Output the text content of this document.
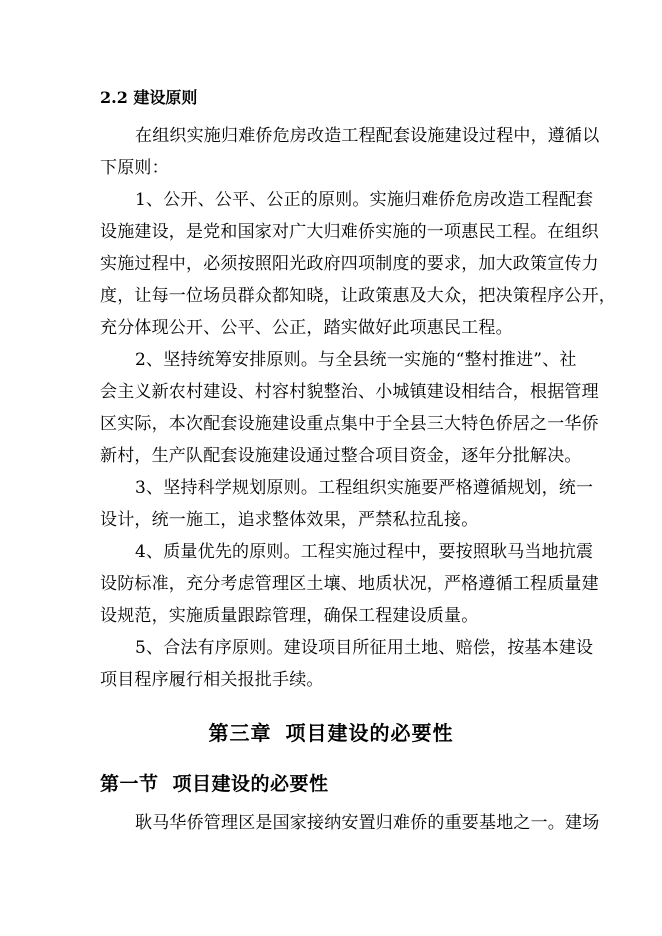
2.2 建设原则
在组织实施归难侨危房改造工程配套设施建设过程中，遵循以
下原则：
1、公开、公平、公正的原则。实施归难侨危房改造工程配套
设施建设，是党和国家对广大归难侨实施的一项惠民工程。在组织
实施过程中，必须按照阳光政府四项制度的要求，加大政策宣传力
度，让每一位场员群众都知晓，让政策惠及大众，把决策程序公开，
充分体现公开、公平、公正，踏实做好此项惠民工程。
2、坚持统筹安排原则。与全县统一实施的“整村推进”、社
会主义新农村建设、村容村貌整治、小城镇建设相结合，根据管理
区实际，本次配套设施建设重点集中于全县三大特色侨居之一华侨
新村，生产队配套设施建设通过整合项目资金，逐年分批解决。
3、坚持科学规划原则。工程组织实施要严格遵循规划，统一
设计，统一施工，追求整体效果，严禁私拉乱接。
4、质量优先的原则。工程实施过程中，要按照耿马当地抗震
设防标准，充分考虑管理区土壤、地质状况，严格遵循工程质量建
设规范，实施质量跟踪管理，确保工程建设质量。
5、合法有序原则。建设项目所征用土地、赔偿，按基本建设
项目程序履行相关报批手续。
第三章 项目建设的必要性
第一节 项目建设的必要性
耿马华侨管理区是国家接纳安置归难侨的重要基地之一。建场
